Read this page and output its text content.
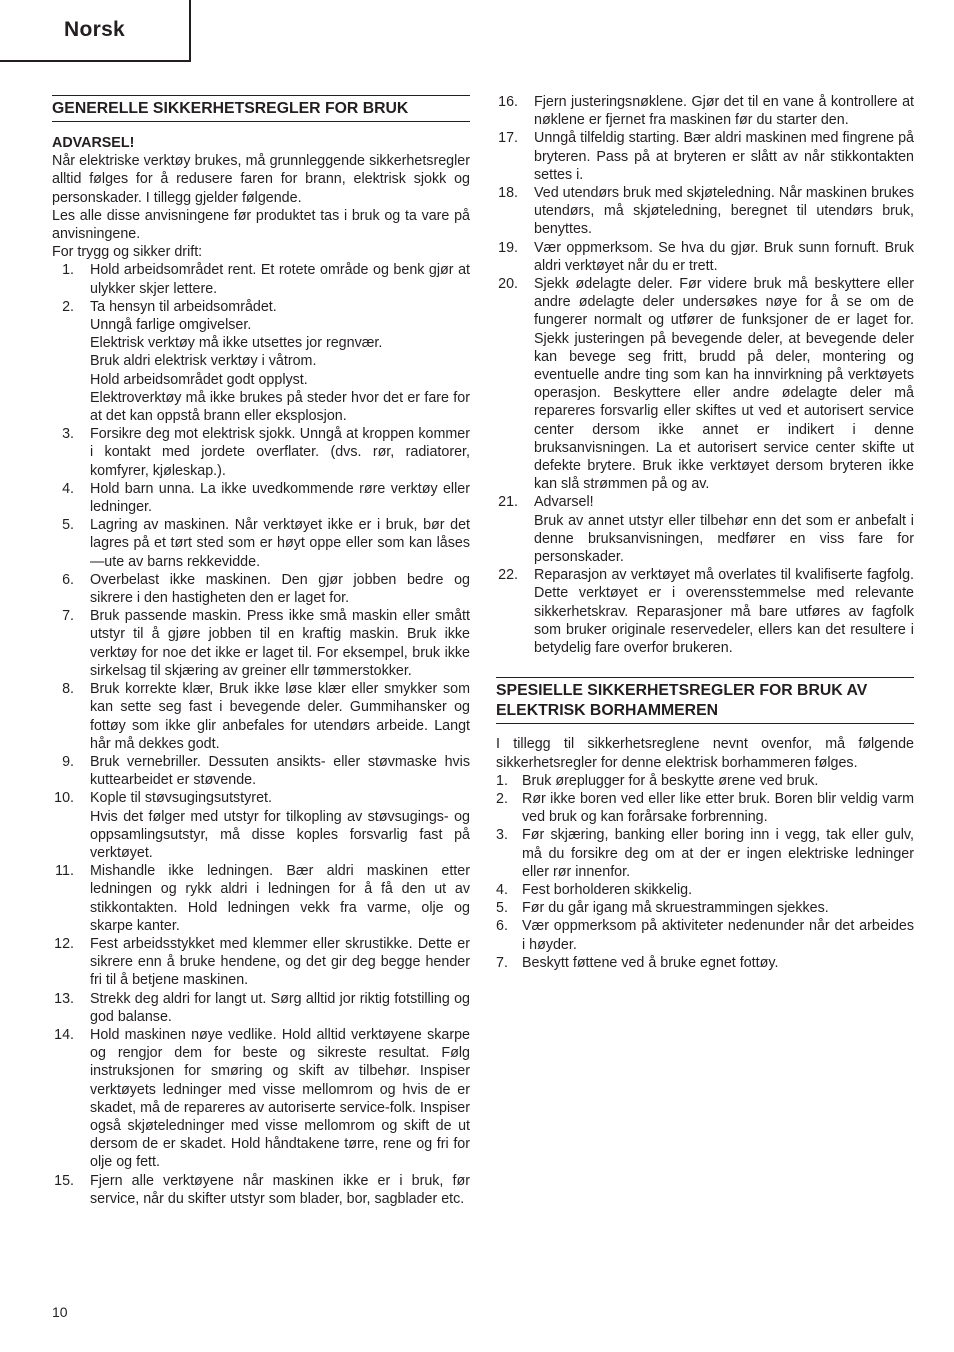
Norsk
GENERELLE SIKKERHETSREGLER FOR BRUK
ADVARSEL!

Når elektriske verktøy brukes, må grunnleggende sikkerhetsregler alltid følges for å redusere faren for brann, elektrisk sjokk og personskader. I tillegg gjelder følgende.

Les alle disse anvisningene før produktet tas i bruk og ta vare på anvisningene.

For trygg og sikker drift:

1. Hold arbeidsområdet rent. Et rotete område og benk gjør at ulykker skjer lettere.
2. Ta hensyn til arbeidsområdet.
Unngå farlige omgivelser.
Elektrisk verktøy må ikke utsettes jor regnvær.
Bruk aldri elektrisk verktøy i våtrom.
Hold arbeidsområdet godt opplyst.
Elektroverktøy må ikke brukes på steder hvor det er fare for at det kan oppstå brann eller eksplosjon.
3. Forsikre deg mot elektrisk sjokk. Unngå at kroppen kommer i kontakt med jordete overflater. (dvs. rør, radiatorer, komfyrer, kjøleskap.).
4. Hold barn unna. La ikke uvedkommende røre verktøy eller ledninger.
5. Lagring av maskinen. Når verktøyet ikke er i bruk, bør det lagres på et tørt sted som er høyt oppe eller som kan låses—ute av barns rekkevidde.
6. Overbelast ikke maskinen. Den gjør jobben bedre og sikrere i den hastigheten den er laget for.
7. Bruk passende maskin. Press ikke små maskin eller smått utstyr til å gjøre jobben til en kraftig maskin. Bruk ikke verktøy for noe det ikke er laget til. For eksempel, bruk ikke sirkelsag til skjæring av greiner ellr tømmerstokker.
8. Bruk korrekte klær, Bruk ikke løse klær eller smykker som kan sette seg fast i bevegende deler. Gummihansker og fottøy som ikke glir anbefales for utendørs arbeide. Langt hår må dekkes godt.
9. Bruk vernebriller. Dessuten ansikts- eller støvmaske hvis kuttearbeidet er støvende.
10. Kople til støvsugingsutstyret.
Hvis det følger med utstyr for tilkopling av støvsugings- og oppsamlingsutstyr, må disse koples forsvarlig fast på verktøyet.
11. Mishandle ikke ledningen. Bær aldri maskinen etter ledningen og rykk aldri i ledningen for å få den ut av stikkontakten. Hold ledningen vekk fra varme, olje og skarpe kanter.
12. Fest arbeidsstykket med klemmer eller skrustikke. Dette er sikrere enn å bruke hendene, og det gir deg begge hender fri til å betjene maskinen.
13. Strekk deg aldri for langt ut. Sørg alltid jor riktig fotstilling og god balanse.
14. Hold maskinen nøye vedlike. Hold alltid verktøyene skarpe og rengjor dem for beste og sikreste resultat. Følg instruksjonen for smøring og skift av tilbehør. Inspiser verktøyets ledninger med visse mellomrom og hvis de er skadet, må de repareres av autoriserte service-folk. Inspiser også skjøteledninger med visse mellomrom og skift de ut dersom de er skadet. Hold håndtakene tørre, rene og fri for olje og fett.
15. Fjern alle verktøyene når maskinen ikke er i bruk, før service, når du skifter utstyr som blader, bor, sagblader etc.
16. Fjern justeringsnøklene. Gjør det til en vane å kontrollere at nøklene er fjernet fra maskinen før du starter den.
17. Unngå tilfeldig starting. Bær aldri maskinen med fingrene på bryteren. Pass på at bryteren er slått av når stikkontakten settes i.
18. Ved utendørs bruk med skjøteledning. Når maskinen brukes utendørs, må skjøteledning, beregnet til utendørs bruk, benyttes.
19. Vær oppmerksom. Se hva du gjør. Bruk sunn fornuft. Bruk aldri verktøyet når du er trett.
20. Sjekk ødelagte deler. Før videre bruk må beskyttere eller andre ødelagte deler undersøkes nøye for å se om de fungerer normalt og utfører de funksjoner de er laget for. Sjekk justeringen på bevegende deler, at bevegende deler kan bevege seg fritt, brudd på deler, montering og eventuelle andre ting som kan ha innvirkning på verktøyets operasjon. Beskyttere eller andre ødelagte deler må repareres forsvarlig eller skiftes ut ved et autorisert service center dersom ikke annet er indikert i denne bruksanvisningen. La et autorisert service center skifte ut defekte brytere. Bruk ikke verktøyet dersom bryteren ikke kan slå strømmen på og av.
21. Advarsel!
Bruk av annet utstyr eller tilbehør enn det som er anbefalt i denne bruksanvisningen, medfører en viss fare for personskader.
22. Reparasjon av verktøyet må overlates til kvalifiserte fagfolg. Dette verktøyet er i overensstemmelse med relevante sikkerhetskrav. Reparasjoner må bare utføres av fagfolk som bruker originale reservedeler, ellers kan det resultere i betydelig fare overfor brukeren.
SPESIELLE SIKKERHETSREGLER FOR BRUK AV ELEKTRISK BORHAMMEREN

I tillegg til sikkerhetsreglene nevnt ovenfor, må følgende sikkerhetsregler for denne elektrisk borhammeren følges.

1. Bruk øreplugger for å beskytte ørene ved bruk.
2. Rør ikke boren ved eller like etter bruk. Boren blir veldig varm ved bruk og kan forårsake forbrenning.
3. Før skjæring, banking eller boring inn i vegg, tak eller gulv, må du forsikre deg om at der er ingen elektriske ledninger eller rør innenfor.
4. Fest borholderen skikkelig.
5. Før du går igang må skruestrammingen sjekkes.
6. Vær oppmerksom på aktiviteter nedenunder når det arbeides i høyder.
7. Beskytt føttene ved å bruke egnet fottøy.
10
